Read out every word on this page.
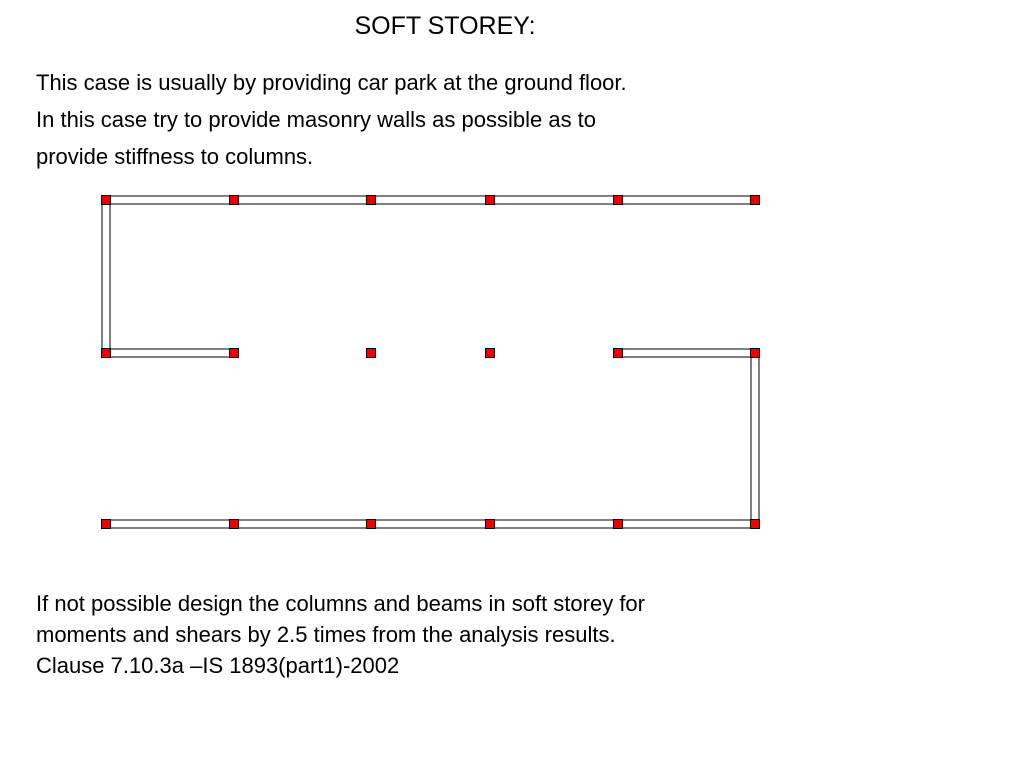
SOFT STOREY:
This case is usually by providing car park at the ground floor.
In this case try to provide masonry walls as possible as to
provide stiffness to columns.
If not possible design the columns and beams in soft storey for
moments and shears by 2.5 times from the analysis results.
Clause 7.10.3a –IS 1893(part1)-2002
